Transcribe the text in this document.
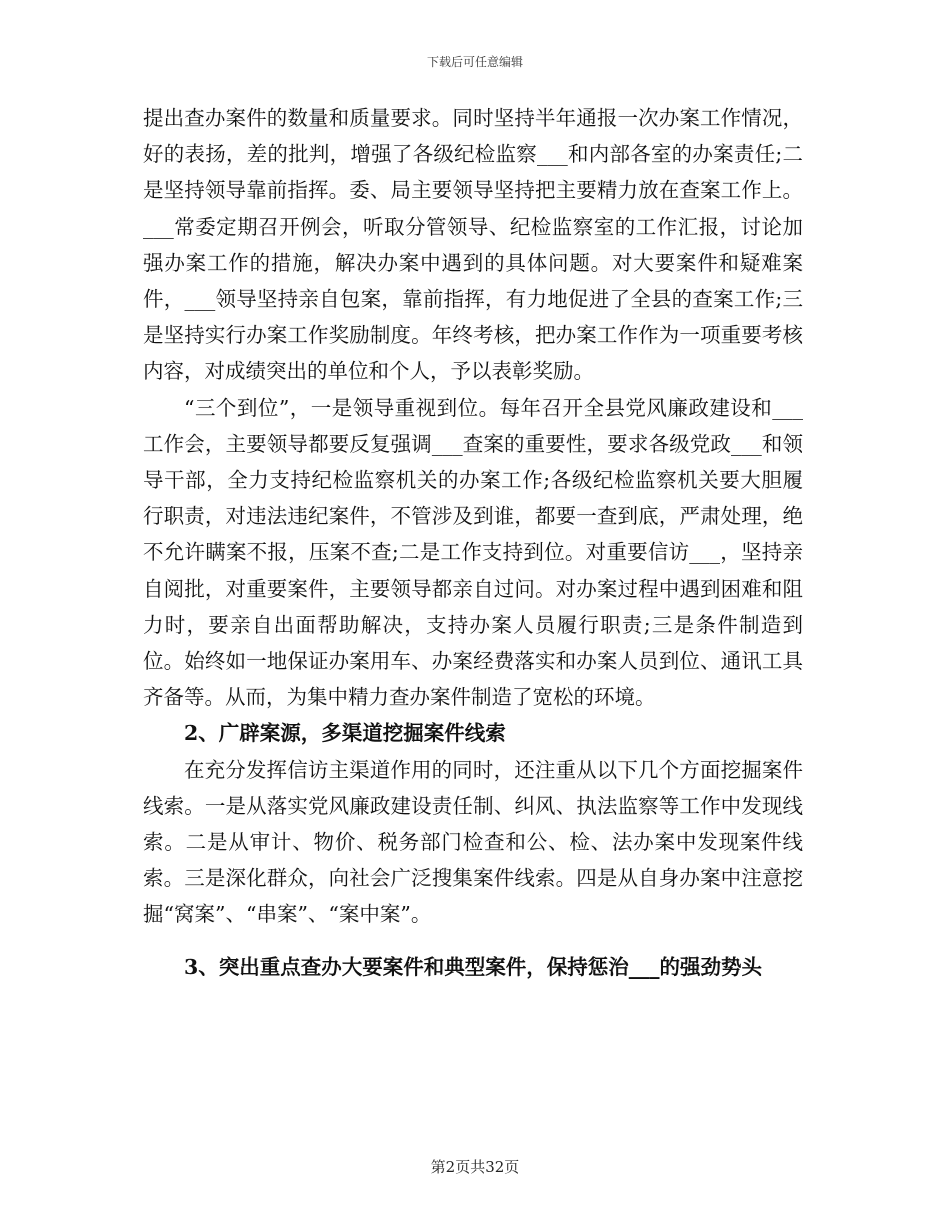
下载后可任意编辑

提出查办案件的数量和质量要求。同时坚持半年通报一次办案工作情况，好的表扬，差的批判，增强了各级纪检监察___和内部各室的办案责任;二是坚持领导靠前指挥。委、局主要领导坚持把主要精力放在查案工作上。___常委定期召开例会，听取分管领导、纪检监察室的工作汇报，讨论加强办案工作的措施，解决办案中遇到的具体问题。对大要案件和疑难案件，___领导坚持亲自包案，靠前指挥，有力地促进了全县的查案工作;三是坚持实行办案工作奖励制度。年终考核，把办案工作作为一项重要考核内容，对成绩突出的单位和个人，予以表彰奖励。

“三个到位”，一是领导重视到位。每年召开全县党风廉政建设和___工作会，主要领导都要反复强调___查案的重要性，要求各级党政___和领导干部，全力支持纪检监察机关的办案工作;各级纪检监察机关要大胆履行职责，对违法违纪案件，不管涉及到谁，都要一查到底，严肃处理，绝不允许瞒案不报，压案不查;二是工作支持到位。对重要信访___，坚持亲自阅批，对重要案件，主要领导都亲自过问。对办案过程中遇到困难和阻力时，要亲自出面帮助解决，支持办案人员履行职责;三是条件制造到位。始终如一地保证办案用车、办案经费落实和办案人员到位、通讯工具齐备等。从而，为集中精力查办案件制造了宽松的环境。

2、广辟案源，多渠道挖掘案件线索

在充分发挥信访主渠道作用的同时，还注重从以下几个方面挖掘案件线索。一是从落实党风廉政建设责任制、纠风、执法监察等工作中发现线索。二是从审计、物价、税务部门检查和公、检、法办案中发现案件线索。三是深化群众，向社会广泛搜集案件线索。四是从自身办案中注意挖掘“窝案”、“串案”、“案中案”。

3、突出重点查办大要案件和典型案件，保持惩治___的强劲势头

第2页共32页
